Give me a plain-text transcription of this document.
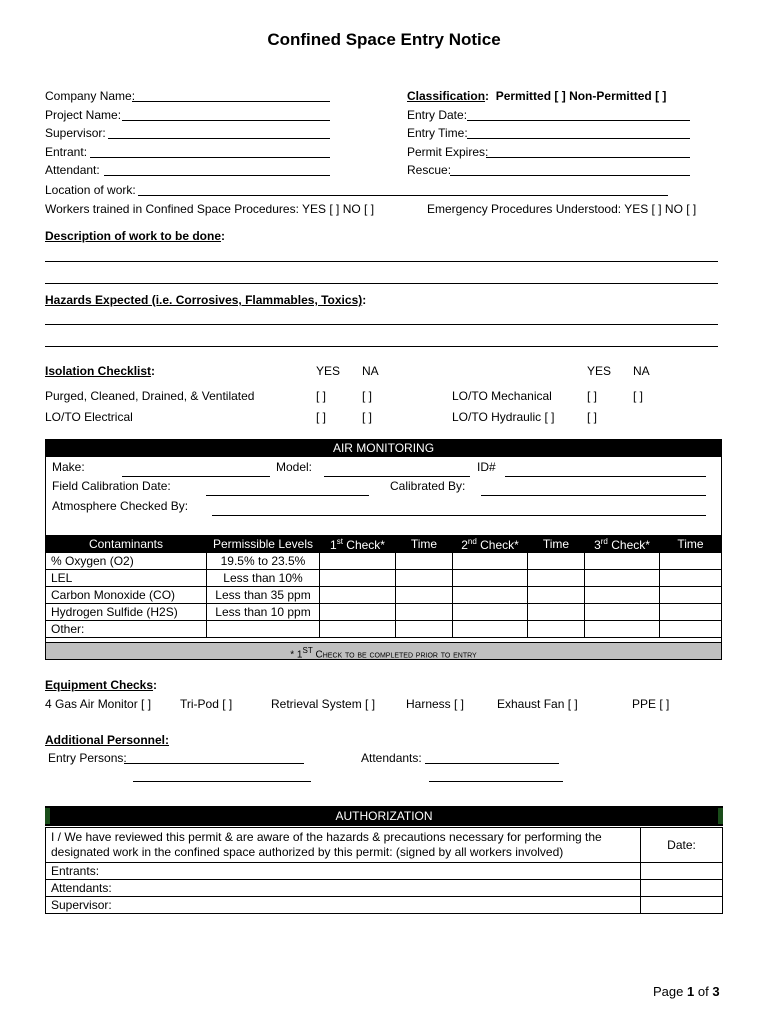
Confined Space Entry Notice
Company Name:
Project Name:
Supervisor:
Entrant:
Attendant:
Classification:  Permitted [ ] Non-Permitted [ ]
Entry Date:
Entry Time:
Permit Expires:
Rescue:
Location of work:
Workers trained in Confined Space Procedures: YES [ ] NO [ ]	Emergency Procedures Understood: YES [ ] NO [ ]
Description of work to be done:
Hazards Expected (i.e. Corrosives, Flammables, Toxics):
Isolation Checklist:	YES NA	YES NA
Purged, Cleaned, Drained, & Ventilated	[ ]	[ ]	LO/TO Mechanical	[ ]	[ ]
LO/TO Electrical	[ ]	[ ]	LO/TO Hydraulic [ ]	[ ]
AIR MONITORING
Make:	Model:	ID#
Field Calibration Date:	Calibrated By:
Atmosphere Checked By:
Contaminants	Permissible Levels	1st Check*	Time	2nd Check*	Time	3rd Check*	Time
% Oxygen (O2)	19.5% to 23.5%						
LEL	Less than 10%						
Carbon Monoxide (CO)	Less than 35 ppm						
Hydrogen Sulfide (H2S)	Less than 10 ppm						
Other:							
* 1ST Check to be completed prior to entry
Equipment Checks:
4 Gas Air Monitor [ ] Tri-Pod [ ]	Retrieval System [ ]	Harness [ ]	Exhaust Fan [ ]	PPE [ ]
Additional Personnel:
Entry Persons:	Attendants:
AUTHORIZATION
I / We have reviewed this permit & are aware of the hazards & precautions necessary for performing the designated work in the confined space authorized by this permit: (signed by all workers involved)	Date:
Entrants:	
Attendants:	
Supervisor:	
Page 1 of 3
